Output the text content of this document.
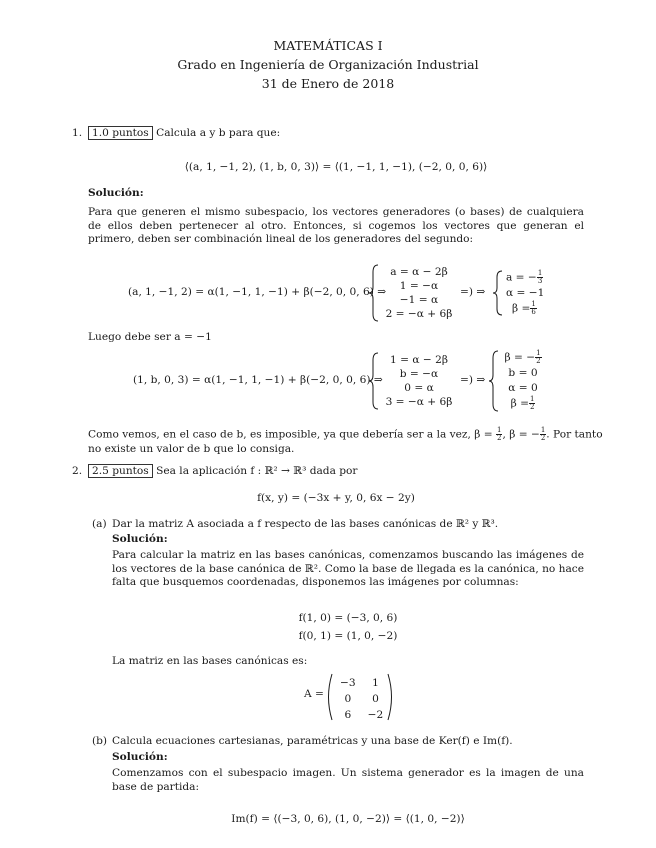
MATEMÁTICAS I
Grado en Ingeniería de Organización Industrial
31 de Enero de 2018
1. 1.0 puntos Calcula a y b para que:
⟨(a, 1, −1, 2), (1, b, 0, 3)⟩ = ⟨(1, −1, 1, −1), (−2, 0, 0, 6)⟩
Solución:
Para que generen el mismo subespacio, los vectores generadores (o bases) de cualquiera de ellos deben pertenecer al otro. Entonces, si cogemos los vectores que generan el primero, deben ser combinación lineal de los generadores del segundo:
(a, 1, −1, 2) = α(1, −1, 1, −1) + β(−2, 0, 0, 6) ⇒
a = α − 2β
1 = −α
−1 = α
2 = −α + 6β
=) ⇒
a = − $\frac{1}{3}$
α = −1
$\beta = \frac{1}{6}$
Luego debe ser a = −1
(1, b, 0, 3) = α(1, −1, 1, −1) + β(−2, 0, 0, 6) ⇒
1 = α − 2β
b = −α
0 = α
3 = −α + 6β
=) ⇒
β = − $\frac{1}{2}$
b = 0
α = 0
$\beta = \frac{1}{2}$
Como vemos, en el caso de b, es imposible, ya que debería ser a la vez, $\beta = \frac{1}{2}$ , β = − $\frac{1}{2}$ . Por tanto
no existe un valor de b que lo consiga.
2. 2.5 puntos Sea la aplicación f : ℝ² → ℝ³ dada por
f(x, y) = (−3x + y, 0, 6x − 2y)
(a) Dar la matriz A asociada a f respecto de las bases canónicas de ℝ² y ℝ³.
Solución:
Para calcular la matriz en las bases canónicas, comenzamos buscando las imágenes de los vectores de la base canónica de ℝ². Como la base de llegada es la canónica, no hace falta que busquemos coordenadas, disponemos las imágenes por columnas:
f(1, 0) = (−3, 0, 6)
f(0, 1) = (1, 0, −2)
La matriz en las bases canónicas es:
A =
−3	1
0	0
6	−2
(b) Calcula ecuaciones cartesianas, paramétricas y una base de Ker(f) e Im(f).
Solución:
Comenzamos con el subespacio imagen. Un sistema generador es la imagen de una base de partida:
Im(f) = ⟨(−3, 0, 6), (1, 0, −2)⟩ = ⟨(1, 0, −2)⟩
